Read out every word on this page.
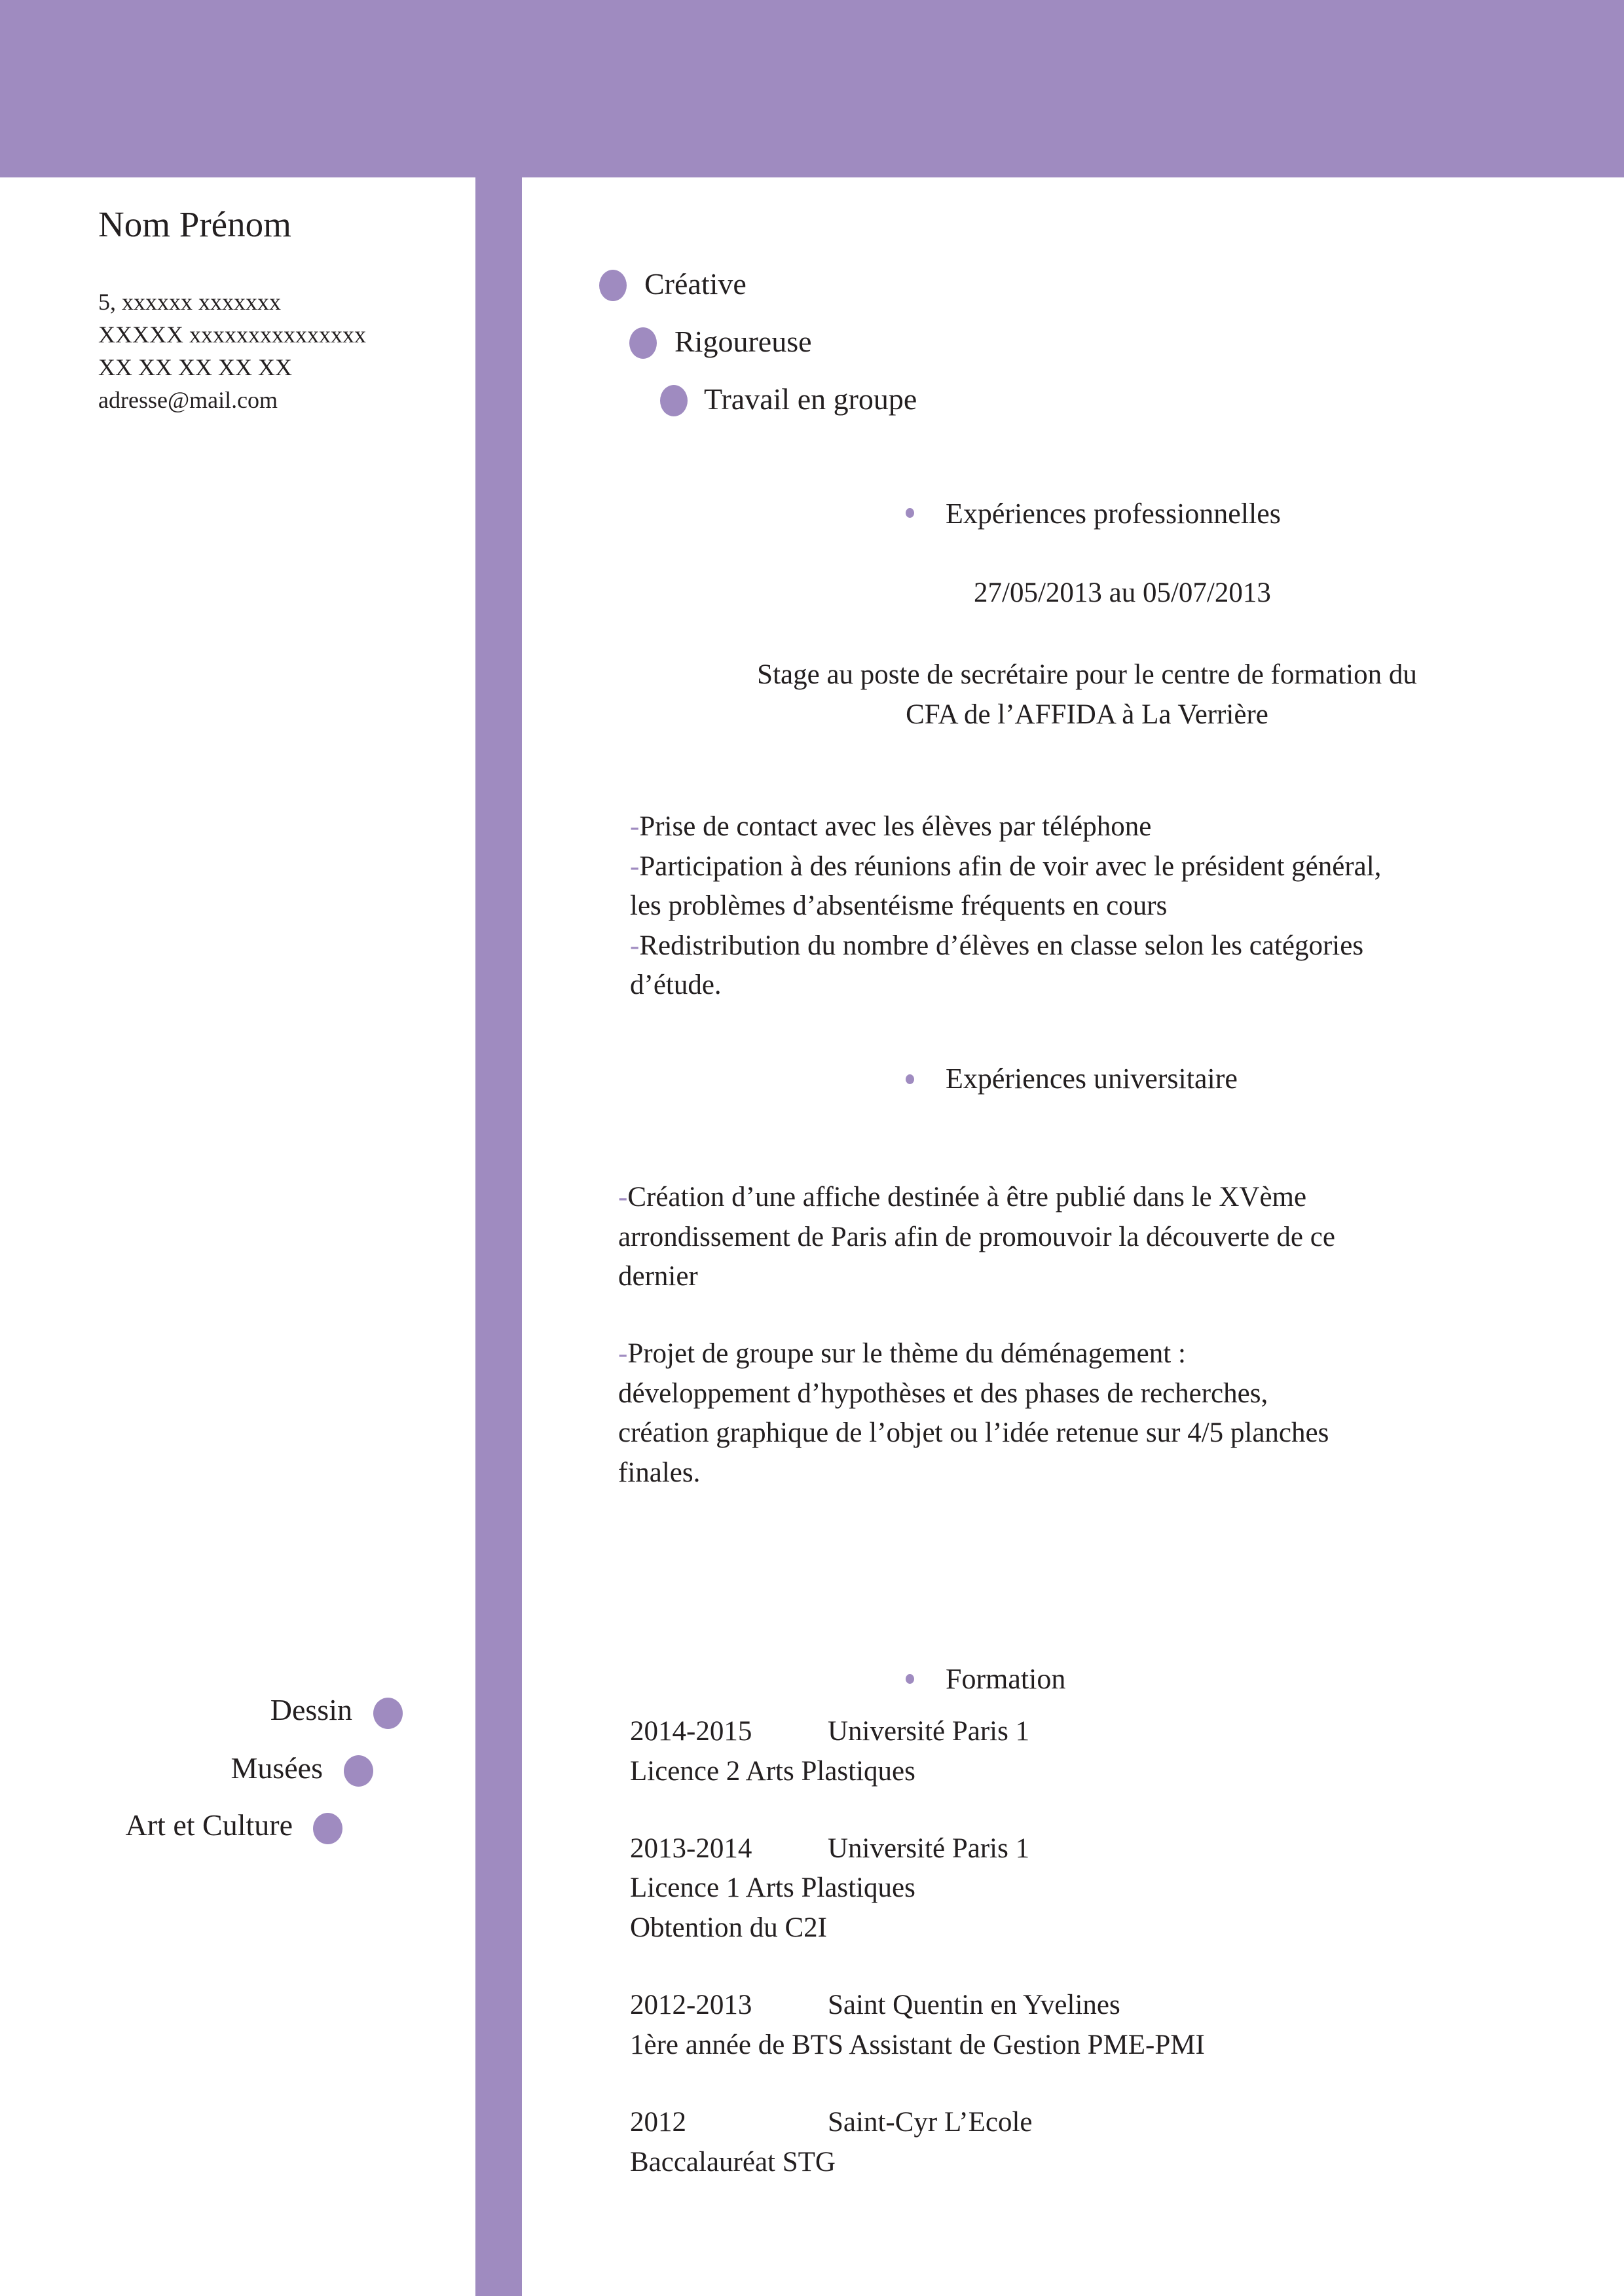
Nom Prénom
5, xxxxxx xxxxxxx
XXXXX xxxxxxxxxxxxxxx
XX XX XX XX XX
adresse@mail.com
Créative
Rigoureuse
Travail en groupe
Expériences professionnelles
27/05/2013 au 05/07/2013
Stage au poste de secrétaire pour le centre de formation du
CFA de l’AFFIDA à La Verrière
-Prise de contact avec les élèves par téléphone
-Participation à des réunions afin de voir avec le président général,
les problèmes d’absentéisme fréquents en cours
-Redistribution du nombre d’élèves en classe selon les catégories
d’étude.
Expériences universitaire
-Création d’une affiche destinée à être publié dans le XVème
arrondissement de Paris afin de promouvoir la découverte de ce
dernier
-Projet de groupe sur le thème du déménagement :
développement d’hypothèses et des phases de recherches,
création graphique de l’objet ou l’idée retenue sur 4/5 planches
finales.
Formation
2014-2015	Université Paris 1
Licence 2 Arts Plastiques
2013-2014	Université Paris 1
Licence 1 Arts Plastiques
Obtention du C2I
2012-2013	Saint Quentin en Yvelines
1ère année de BTS Assistant de Gestion PME-PMI
2012	Saint-Cyr L’Ecole
Baccalauréat STG
Dessin
Musées
Art et Culture
